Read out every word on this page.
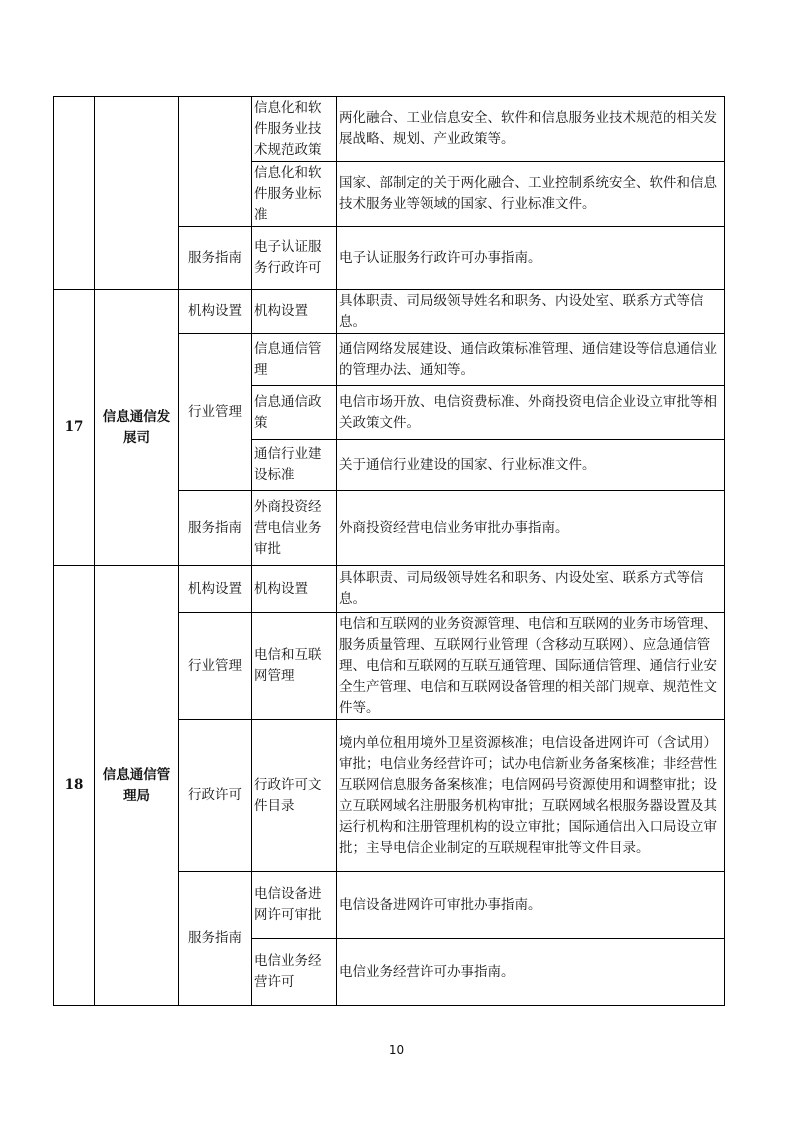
			信息化和软件服务业技术规范政策	两化融合、工业信息安全、软件和信息服务业技术规范的相关发展战略、规划、产业政策等。
			信息化和软件服务业标准	国家、部制定的关于两化融合、工业控制系统安全、软件和信息技术服务业等领域的国家、行业标准文件。
		服务指南	电子认证服务行政许可	电子认证服务行政许可办事指南。
17	信息通信发展司	机构设置	机构设置	具体职责、司局级领导姓名和职务、内设处室、联系方式等信息。
		行业管理	信息通信管理	通信网络发展建设、通信政策标准管理、通信建设等信息通信业的管理办法、通知等。
			信息通信政策	电信市场开放、电信资费标准、外商投资电信企业设立审批等相关政策文件。
			通信行业建设标准	关于通信行业建设的国家、行业标准文件。
		服务指南	外商投资经营电信业务审批	外商投资经营电信业务审批办事指南。
18	信息通信管理局	机构设置	机构设置	具体职责、司局级领导姓名和职务、内设处室、联系方式等信息。
		行业管理	电信和互联网管理	电信和互联网的业务资源管理、电信和互联网的业务市场管理、服务质量管理、互联网行业管理（含移动互联网）、应急通信管理、电信和互联网的互联互通管理、国际通信管理、通信行业安全生产管理、电信和互联网设备管理的相关部门规章、规范性文件等。
		行政许可	行政许可文件目录	境内单位租用境外卫星资源核准；电信设备进网许可（含试用）审批；电信业务经营许可；试办电信新业务备案核准；非经营性互联网信息服务备案核准；电信网码号资源使用和调整审批；设立互联网域名注册服务机构审批；互联网域名根服务器设置及其运行机构和注册管理机构的设立审批；国际通信出入口局设立审批；主导电信企业制定的互联规程审批等文件目录。
		服务指南	电信设备进网许可审批	电信设备进网许可审批办事指南。
			电信业务经营许可	电信业务经营许可办事指南。
10
